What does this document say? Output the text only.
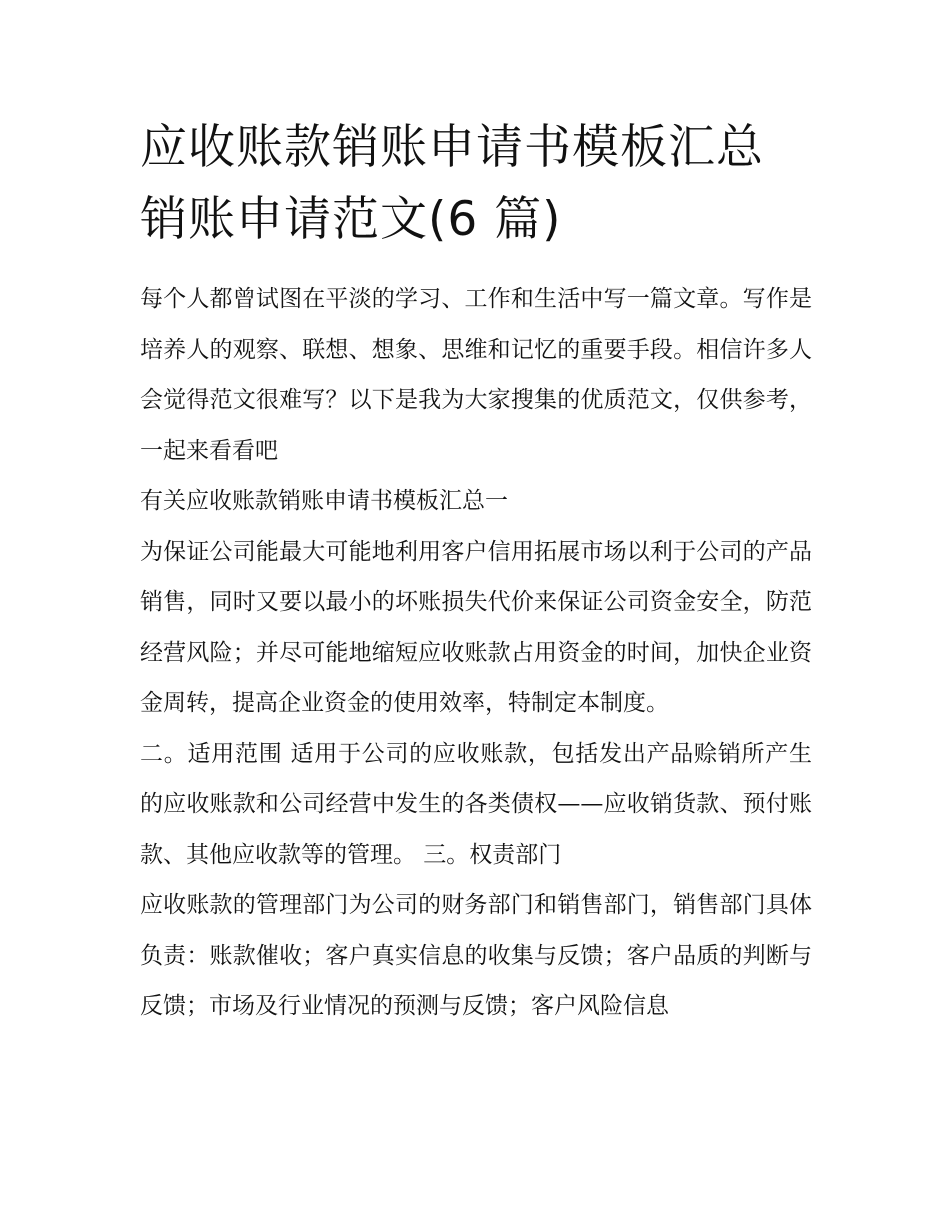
应收账款销账申请书模板汇总
销账申请范文(6 篇)

每个人都曾试图在平淡的学习、工作和生活中写一篇文章。写作是培养人的观察、联想、想象、思维和记忆的重要手段。相信许多人会觉得范文很难写？以下是我为大家搜集的优质范文，仅供参考，一起来看看吧

有关应收账款销账申请书模板汇总一

为保证公司能最大可能地利用客户信用拓展市场以利于公司的产品销售，同时又要以最小的坏账损失代价来保证公司资金安全，防范经营风险；并尽可能地缩短应收账款占用资金的时间，加快企业资金周转，提高企业资金的使用效率，特制定本制度。

二。适用范围 适用于公司的应收账款，包括发出产品赊销所产生的应收账款和公司经营中发生的各类债权——应收销货款、预付账款、其他应收款等的管理。 三。权责部门

应收账款的管理部门为公司的财务部门和销售部门，销售部门具体负责：账款催收；客户真实信息的收集与反馈；客户品质的判断与反馈；市场及行业情况的预测与反馈；客户风险信息
